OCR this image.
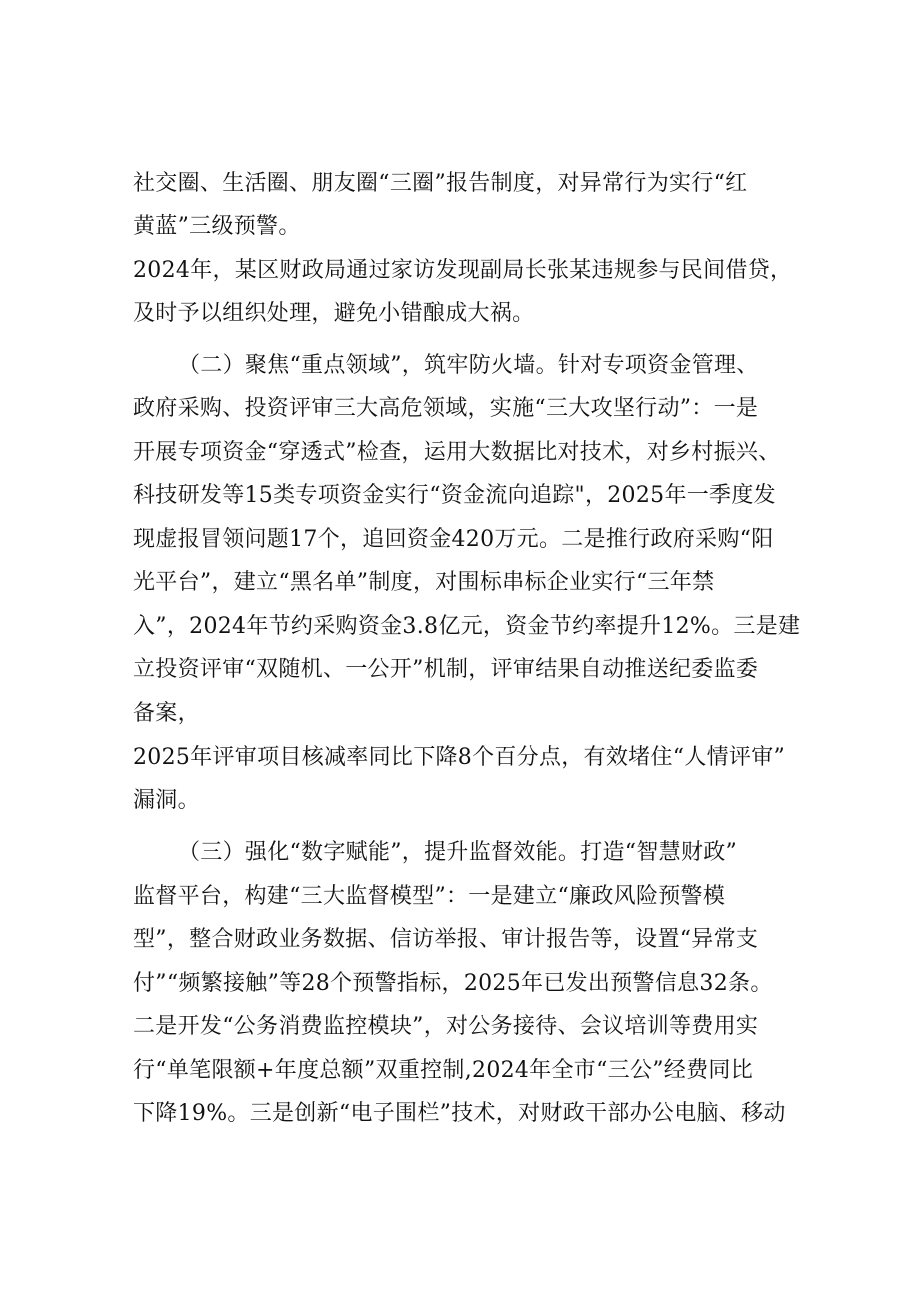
社交圈、生活圈、朋友圈“三圈”报告制度，对异常行为实行“红
黄蓝”三级预警。
2024年，某区财政局通过家访发现副局长张某违规参与民间借贷，
及时予以组织处理，避免小错酿成大祸。
（二）聚焦“重点领域”，筑牢防火墙。针对专项资金管理、
政府采购、投资评审三大高危领域，实施“三大攻坚行动”：一是
开展专项资金“穿透式”检查，运用大数据比对技术，对乡村振兴、
科技研发等15类专项资金实行“资金流向追踪"，2025年一季度发
现虚报冒领问题17个，追回资金420万元。二是推行政府采购“阳
光平台”，建立“黑名单”制度，对围标串标企业实行“三年禁
入”，2024年节约采购资金3.8亿元，资金节约率提升12%。三是建
立投资评审“双随机、一公开”机制，评审结果自动推送纪委监委
备案，
2025年评审项目核减率同比下降8个百分点，有效堵住“人情评审”
漏洞。
（三）强化“数字赋能”，提升监督效能。打造“智慧财政”
监督平台，构建“三大监督模型”：一是建立“廉政风险预警模
型”，整合财政业务数据、信访举报、审计报告等，设置“异常支
付”“频繁接触”等28个预警指标，2025年已发出预警信息32条。
二是开发“公务消费监控模块”，对公务接待、会议培训等费用实
行“单笔限额+年度总额”双重控制,2024年全市“三公”经费同比
下降19%。三是创新“电子围栏”技术，对财政干部办公电脑、移动
